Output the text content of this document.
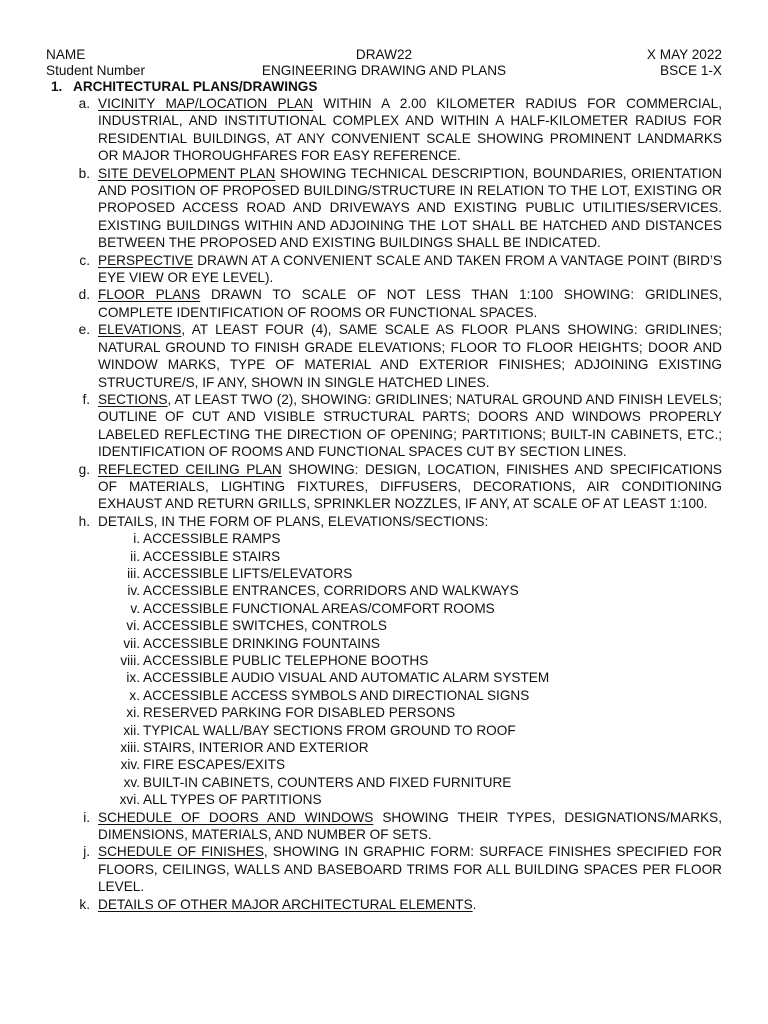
NAME	DRAW22	X MAY 2022
Student Number	ENGINEERING DRAWING AND PLANS	BSCE 1-X
1. ARCHITECTURAL PLANS/DRAWINGS
a. VICINITY MAP/LOCATION PLAN WITHIN A 2.00 KILOMETER RADIUS FOR COMMERCIAL, INDUSTRIAL, AND INSTITUTIONAL COMPLEX AND WITHIN A HALF-KILOMETER RADIUS FOR RESIDENTIAL BUILDINGS, AT ANY CONVENIENT SCALE SHOWING PROMINENT LANDMARKS OR MAJOR THOROUGHFARES FOR EASY REFERENCE.
b. SITE DEVELOPMENT PLAN SHOWING TECHNICAL DESCRIPTION, BOUNDARIES, ORIENTATION AND POSITION OF PROPOSED BUILDING/STRUCTURE IN RELATION TO THE LOT, EXISTING OR PROPOSED ACCESS ROAD AND DRIVEWAYS AND EXISTING PUBLIC UTILITIES/SERVICES. EXISTING BUILDINGS WITHIN AND ADJOINING THE LOT SHALL BE HATCHED AND DISTANCES BETWEEN THE PROPOSED AND EXISTING BUILDINGS SHALL BE INDICATED.
c. PERSPECTIVE DRAWN AT A CONVENIENT SCALE AND TAKEN FROM A VANTAGE POINT (BIRD’S EYE VIEW OR EYE LEVEL).
d. FLOOR PLANS DRAWN TO SCALE OF NOT LESS THAN 1:100 SHOWING: GRIDLINES, COMPLETE IDENTIFICATION OF ROOMS OR FUNCTIONAL SPACES.
e. ELEVATIONS, AT LEAST FOUR (4), SAME SCALE AS FLOOR PLANS SHOWING: GRIDLINES; NATURAL GROUND TO FINISH GRADE ELEVATIONS; FLOOR TO FLOOR HEIGHTS; DOOR AND WINDOW MARKS, TYPE OF MATERIAL AND EXTERIOR FINISHES; ADJOINING EXISTING STRUCTURE/S, IF ANY, SHOWN IN SINGLE HATCHED LINES.
f. SECTIONS, AT LEAST TWO (2), SHOWING: GRIDLINES; NATURAL GROUND AND FINISH LEVELS; OUTLINE OF CUT AND VISIBLE STRUCTURAL PARTS; DOORS AND WINDOWS PROPERLY LABELED REFLECTING THE DIRECTION OF OPENING; PARTITIONS; BUILT-IN CABINETS, ETC.; IDENTIFICATION OF ROOMS AND FUNCTIONAL SPACES CUT BY SECTION LINES.
g. REFLECTED CEILING PLAN SHOWING: DESIGN, LOCATION, FINISHES AND SPECIFICATIONS OF MATERIALS, LIGHTING FIXTURES, DIFFUSERS, DECORATIONS, AIR CONDITIONING EXHAUST AND RETURN GRILLS, SPRINKLER NOZZLES, IF ANY, AT SCALE OF AT LEAST 1:100.
h. DETAILS, IN THE FORM OF PLANS, ELEVATIONS/SECTIONS:
i. ACCESSIBLE RAMPS
ii. ACCESSIBLE STAIRS
iii. ACCESSIBLE LIFTS/ELEVATORS
iv. ACCESSIBLE ENTRANCES, CORRIDORS AND WALKWAYS
v. ACCESSIBLE FUNCTIONAL AREAS/COMFORT ROOMS
vi. ACCESSIBLE SWITCHES, CONTROLS
vii. ACCESSIBLE DRINKING FOUNTAINS
viii. ACCESSIBLE PUBLIC TELEPHONE BOOTHS
ix. ACCESSIBLE AUDIO VISUAL AND AUTOMATIC ALARM SYSTEM
x. ACCESSIBLE ACCESS SYMBOLS AND DIRECTIONAL SIGNS
xi. RESERVED PARKING FOR DISABLED PERSONS
xii. TYPICAL WALL/BAY SECTIONS FROM GROUND TO ROOF
xiii. STAIRS, INTERIOR AND EXTERIOR
xiv. FIRE ESCAPES/EXITS
xv. BUILT-IN CABINETS, COUNTERS AND FIXED FURNITURE
xvi. ALL TYPES OF PARTITIONS
i. SCHEDULE OF DOORS AND WINDOWS SHOWING THEIR TYPES, DESIGNATIONS/MARKS, DIMENSIONS, MATERIALS, AND NUMBER OF SETS.
j. SCHEDULE OF FINISHES, SHOWING IN GRAPHIC FORM: SURFACE FINISHES SPECIFIED FOR FLOORS, CEILINGS, WALLS AND BASEBOARD TRIMS FOR ALL BUILDING SPACES PER FLOOR LEVEL.
k. DETAILS OF OTHER MAJOR ARCHITECTURAL ELEMENTS.
